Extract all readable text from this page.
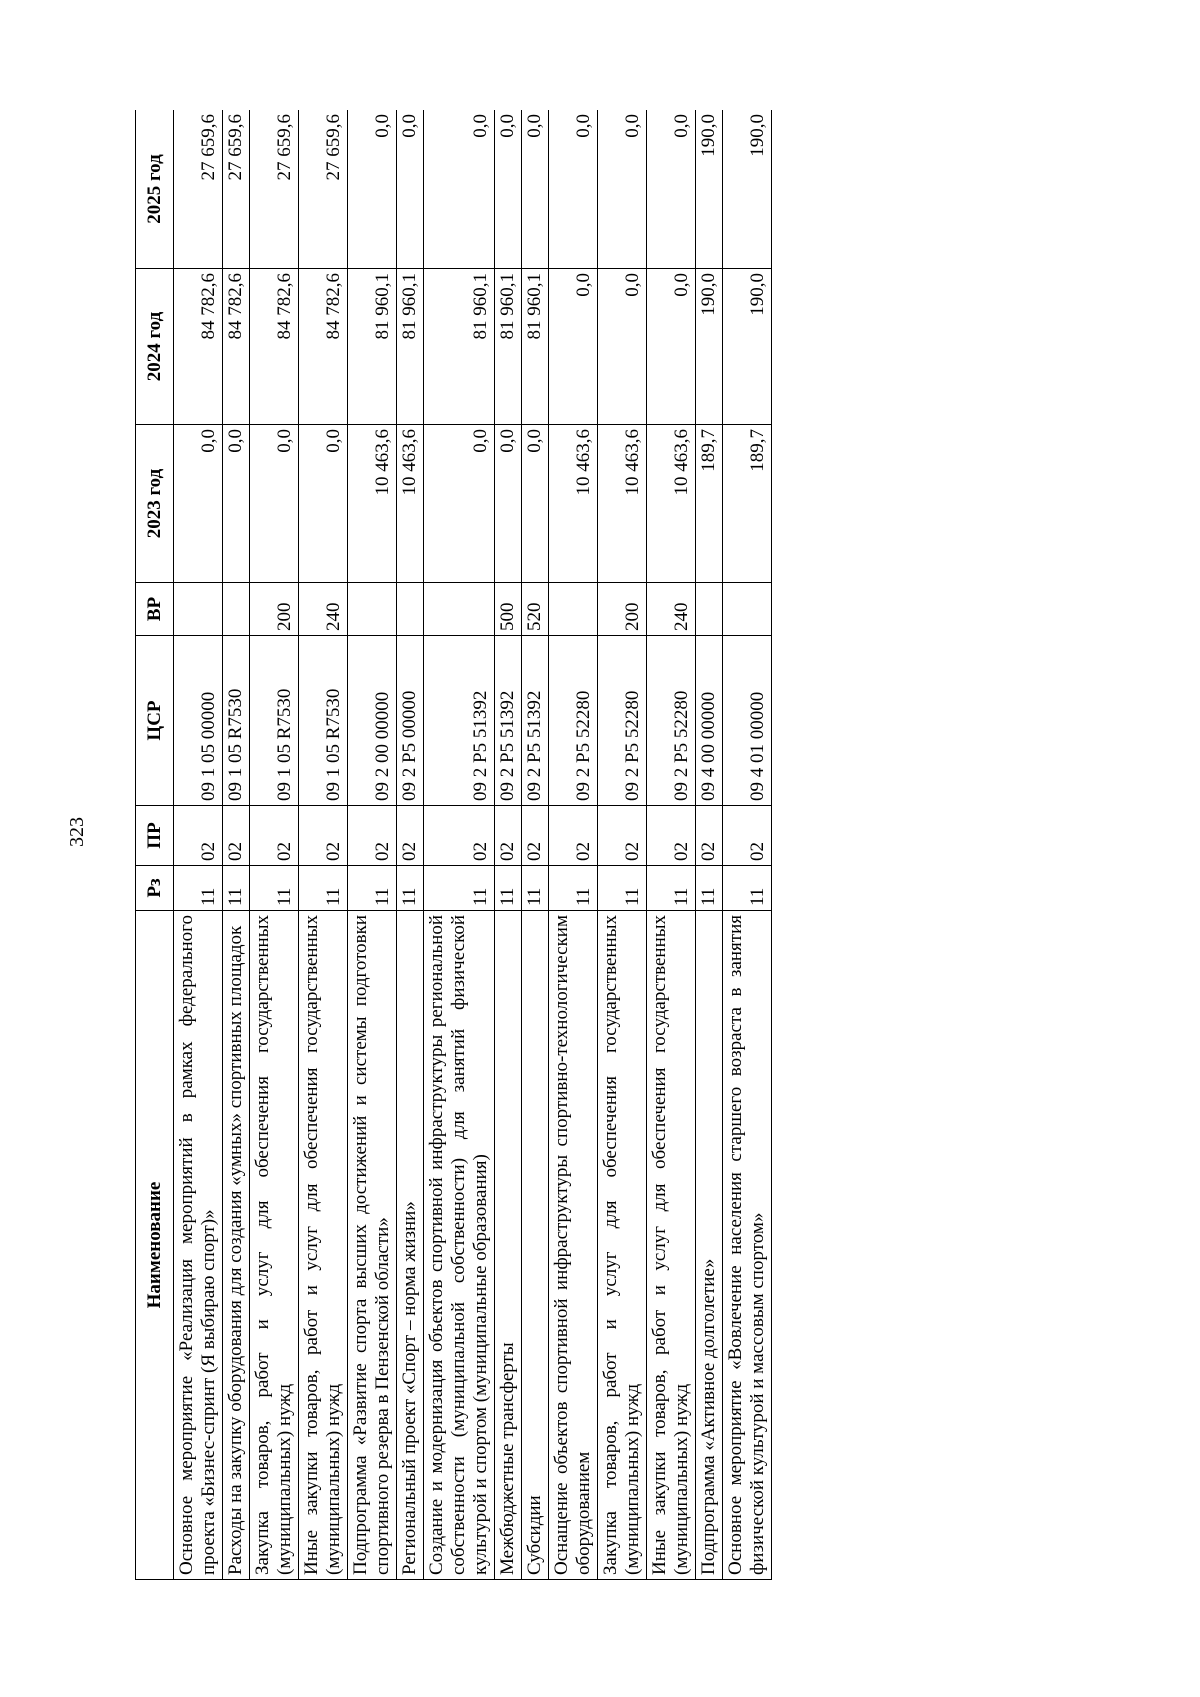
323
Наименование	Рз	ПР	ЦСР	ВР	2023 год	2024 год	2025 год
Основное мероприятие «Реализация мероприятий в рамках федерального проекта «Бизнес-спринт (Я выбираю спорт)»	11	02	09 1 05 00000		0,0	84 782,6	27 659,6
Расходы на закупку оборудования для создания «умных» спортивных площадок	11	02	09 1 05 R7530		0,0	84 782,6	27 659,6
Закупка товаров, работ и услуг для обеспечения государственных (муниципальных) нужд	11	02	09 1 05 R7530	200	0,0	84 782,6	27 659,6
Иные закупки товаров, работ и услуг для обеспечения государственных (муниципальных) нужд	11	02	09 1 05 R7530	240	0,0	84 782,6	27 659,6
Подпрограмма «Развитие спорта высших достижений и системы подготовки спортивного резерва в Пензенской области»	11	02	09 2 00 00000		10 463,6	81 960,1	0,0
Региональный проект «Спорт – норма жизни»	11	02	09 2 P5 00000		10 463,6	81 960,1	0,0
Создание и модернизация объектов спортивной инфраструктуры региональной собственности (муниципальной собственности) для занятий физической культурой и спортом (муниципальные образования)	11	02	09 2 P5 51392		0,0	81 960,1	0,0
Межбюджетные трансферты	11	02	09 2 P5 51392	500	0,0	81 960,1	0,0
Субсидии	11	02	09 2 P5 51392	520	0,0	81 960,1	0,0
Оснащение объектов спортивной инфраструктуры спортивно-технологическим оборудованием	11	02	09 2 P5 52280		10 463,6	0,0	0,0
Закупка товаров, работ и услуг для обеспечения государственных (муниципальных) нужд	11	02	09 2 P5 52280	200	10 463,6	0,0	0,0
Иные закупки товаров, работ и услуг для обеспечения государственных (муниципальных) нужд	11	02	09 2 P5 52280	240	10 463,6	0,0	0,0
Подпрограмма «Активное долголетие»	11	02	09 4 00 00000		189,7	190,0	190,0
Основное мероприятие «Вовлечение населения старшего возраста в занятия физической культурой и массовым спортом»	11	02	09 4 01 00000		189,7	190,0	190,0
